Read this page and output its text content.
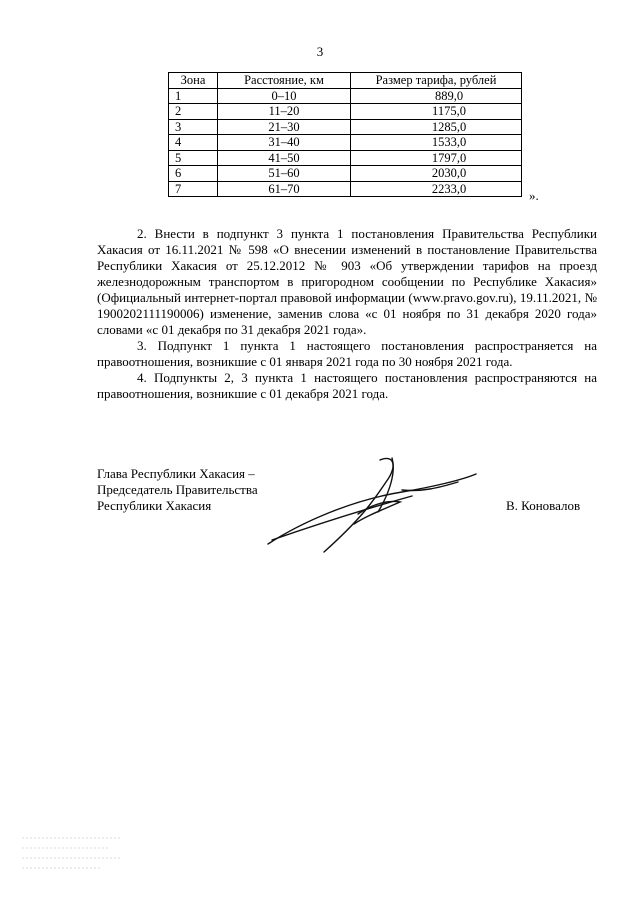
3
Зона	Расстояние, км	Размер тарифа, рублей
1	0–10	889,0
2	11–20	1175,0
3	21–30	1285,0
4	31–40	1533,0
5	41–50	1797,0
6	51–60	2030,0
7	61–70	2233,0	».

2. Внести в подпункт 3 пункта 1 постановления Правительства Республики Хакасия от 16.11.2021 № 598 «О внесении изменений в постановление Правительства Республики Хакасия от 25.12.2012 № 903 «Об утверждении тарифов на проезд железнодорожным транспортом в пригородном сообщении по Республике Хакасия» (Официальный интернет-портал правовой информации (www.pravo.gov.ru), 19.11.2021, № 1900202111190006) изменение, заменив слова «с 01 ноября по 31 декабря 2020 года» словами «с 01 декабря по 31 декабря 2021 года».

3. Подпункт 1 пункта 1 настоящего постановления распространяется на правоотношения, возникшие с 01 января 2021 года по 30 ноября 2021 года.

4. Подпункты 2, 3 пункта 1 настоящего постановления распространяются на правоотношения, возникшие с 01 декабря 2021 года.

Глава Республики Хакасия –
Председатель Правительства
Республики Хакасия	В. Коновалов
